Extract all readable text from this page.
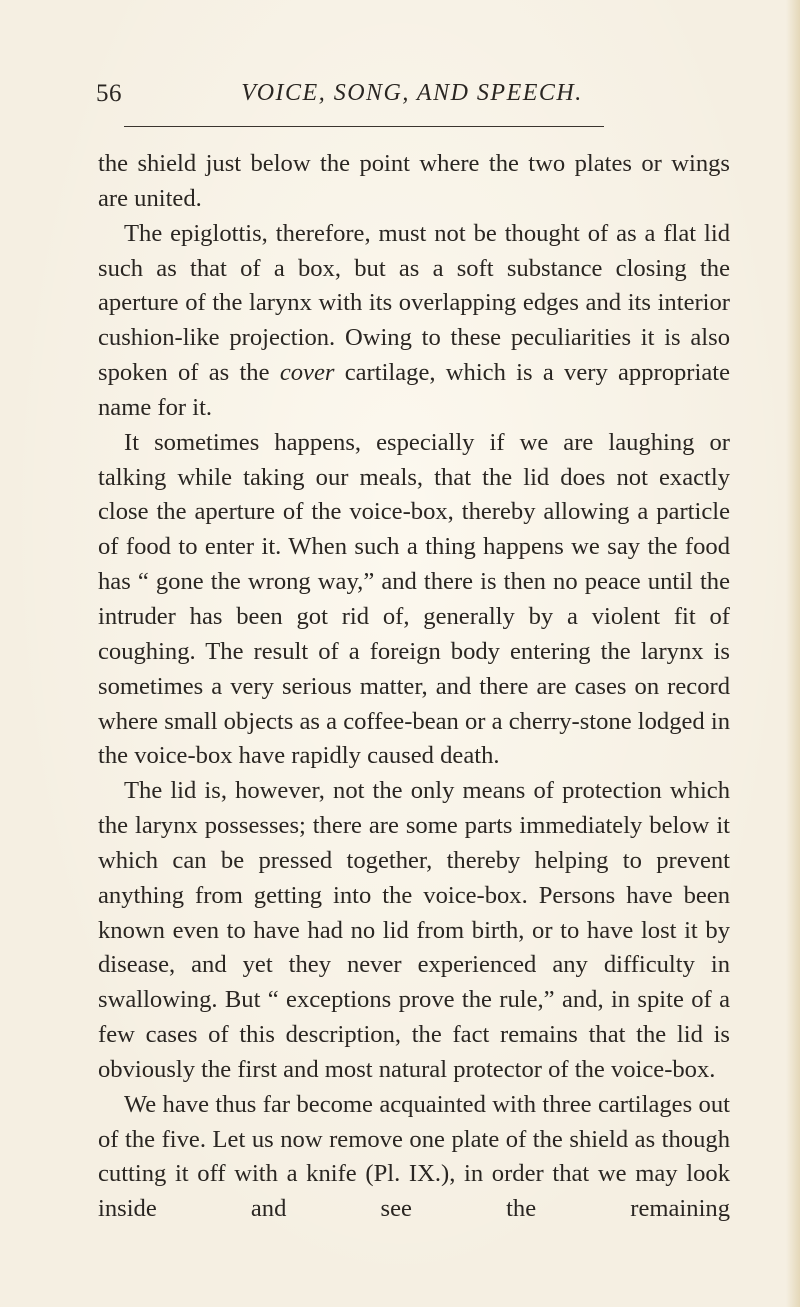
VOICE, SONG, AND SPEECH.
56

the shield just below the point where the two plates or wings are united.

The epiglottis, therefore, must not be thought of as a flat lid such as that of a box, but as a soft substance closing the aperture of the larynx with its overlapping edges and its interior cushion-like projection. Owing to these peculiarities it is also spoken of as the cover cartilage, which is a very appropriate name for it.

It sometimes happens, especially if we are laughing or talking while taking our meals, that the lid does not exactly close the aperture of the voice-box, thereby allowing a particle of food to enter it. When such a thing happens we say the food has “ gone the wrong way,” and there is then no peace until the intruder has been got rid of, generally by a violent fit of coughing. The result of a foreign body entering the larynx is sometimes a very serious matter, and there are cases on record where small objects as a coffee-bean or a cherry-stone lodged in the voice-box have rapidly caused death.

The lid is, however, not the only means of protection which the larynx possesses; there are some parts immediately below it which can be pressed together, thereby helping to prevent anything from getting into the voice-box. Persons have been known even to have had no lid from birth, or to have lost it by disease, and yet they never experienced any difficulty in swallowing. But “ exceptions prove the rule,” and, in spite of a few cases of this description, the fact remains that the lid is obviously the first and most natural protector of the voice-box.

We have thus far become acquainted with three cartilages out of the five. Let us now remove one plate of the shield as though cutting it off with a knife (Pl. IX.), in order that we may look inside and see the remaining
